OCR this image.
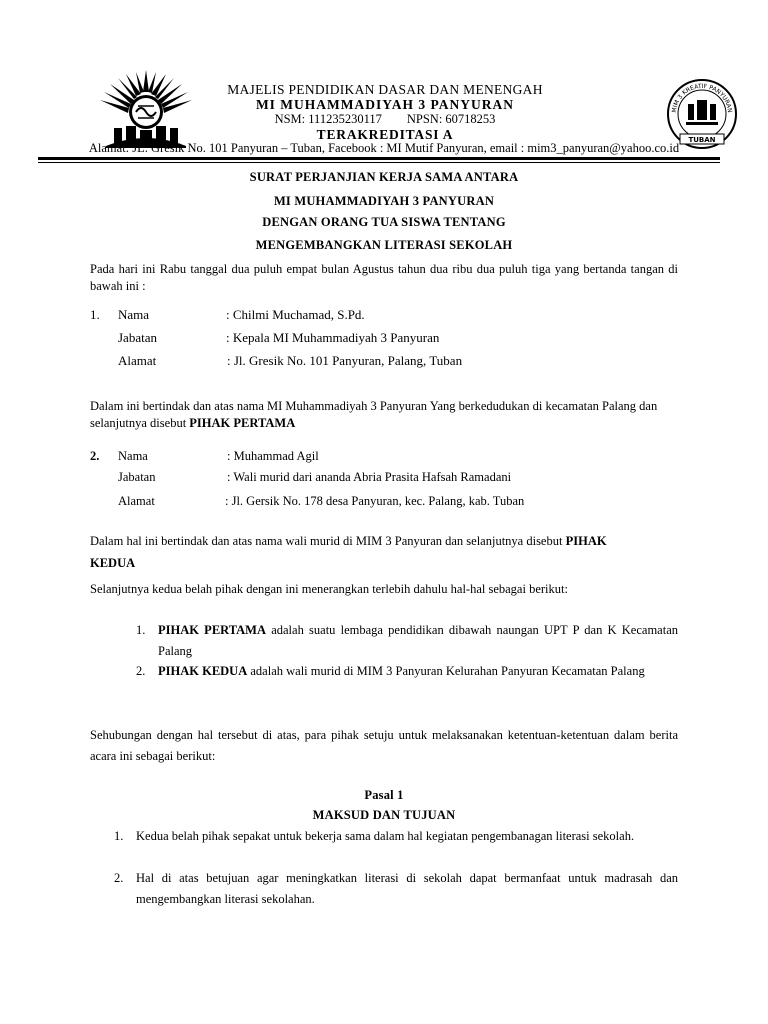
MAJELIS PENDIDIKAN DASAR DAN MENENGAH
MI MUHAMMADIYAH 3 PANYURAN
NSM: 111235230117 NPSN: 60718253
TERAKREDITASI A
MIM 3 KREATIF PANYURAN
TUBAN
Alamat: JL. Gresik No. 101 Panyuran – Tuban, Facebook : MI Mutif Panyuran, email : mim3_panyuran@yahoo.co.id
SURAT PERJANJIAN KERJA SAMA ANTARA
MI MUHAMMADIYAH 3 PANYURAN
DENGAN ORANG TUA SISWA TENTANG
MENGEMBANGKAN LITERASI SEKOLAH
Pada hari ini Rabu tanggal dua puluh empat bulan Agustus tahun dua ribu dua puluh tiga yang bertanda tangan di bawah ini :
1. Nama	: Chilmi Muchamad, S.Pd.
Jabatan	: Kepala MI Muhammadiyah 3 Panyuran
Alamat	: Jl. Gresik No. 101 Panyuran, Palang, Tuban
Dalam ini bertindak dan atas nama MI Muhammadiyah 3 Panyuran Yang berkedudukan di kecamatan Palang dan selanjutnya disebut PIHAK PERTAMA
2. Nama	: Muhammad Agil
Jabatan	: Wali murid dari ananda Abria Prasita Hafsah Ramadani
Alamat	: Jl. Gersik No. 178 desa Panyuran, kec. Palang, kab. Tuban
Dalam hal ini bertindak dan atas nama wali murid di MIM 3 Panyuran dan selanjutnya disebut PIHAK
KEDUA
Selanjutnya kedua belah pihak dengan ini menerangkan terlebih dahulu hal-hal sebagai berikut:
1. PIHAK PERTAMA adalah suatu lembaga pendidikan dibawah naungan UPT P dan K Kecamatan Palang
2. PIHAK KEDUA adalah wali murid di MIM 3 Panyuran Kelurahan Panyuran Kecamatan Palang
Sehubungan dengan hal tersebut di atas, para pihak setuju untuk melaksanakan ketentuan-ketentuan dalam berita acara ini sebagai berikut:
Pasal 1
MAKSUD DAN TUJUAN
1. Kedua belah pihak sepakat untuk bekerja sama dalam hal kegiatan pengembanagan literasi sekolah.
2. Hal di atas betujuan agar meningkatkan literasi di sekolah dapat bermanfaat untuk madrasah dan mengembangkan literasi sekolahan.
